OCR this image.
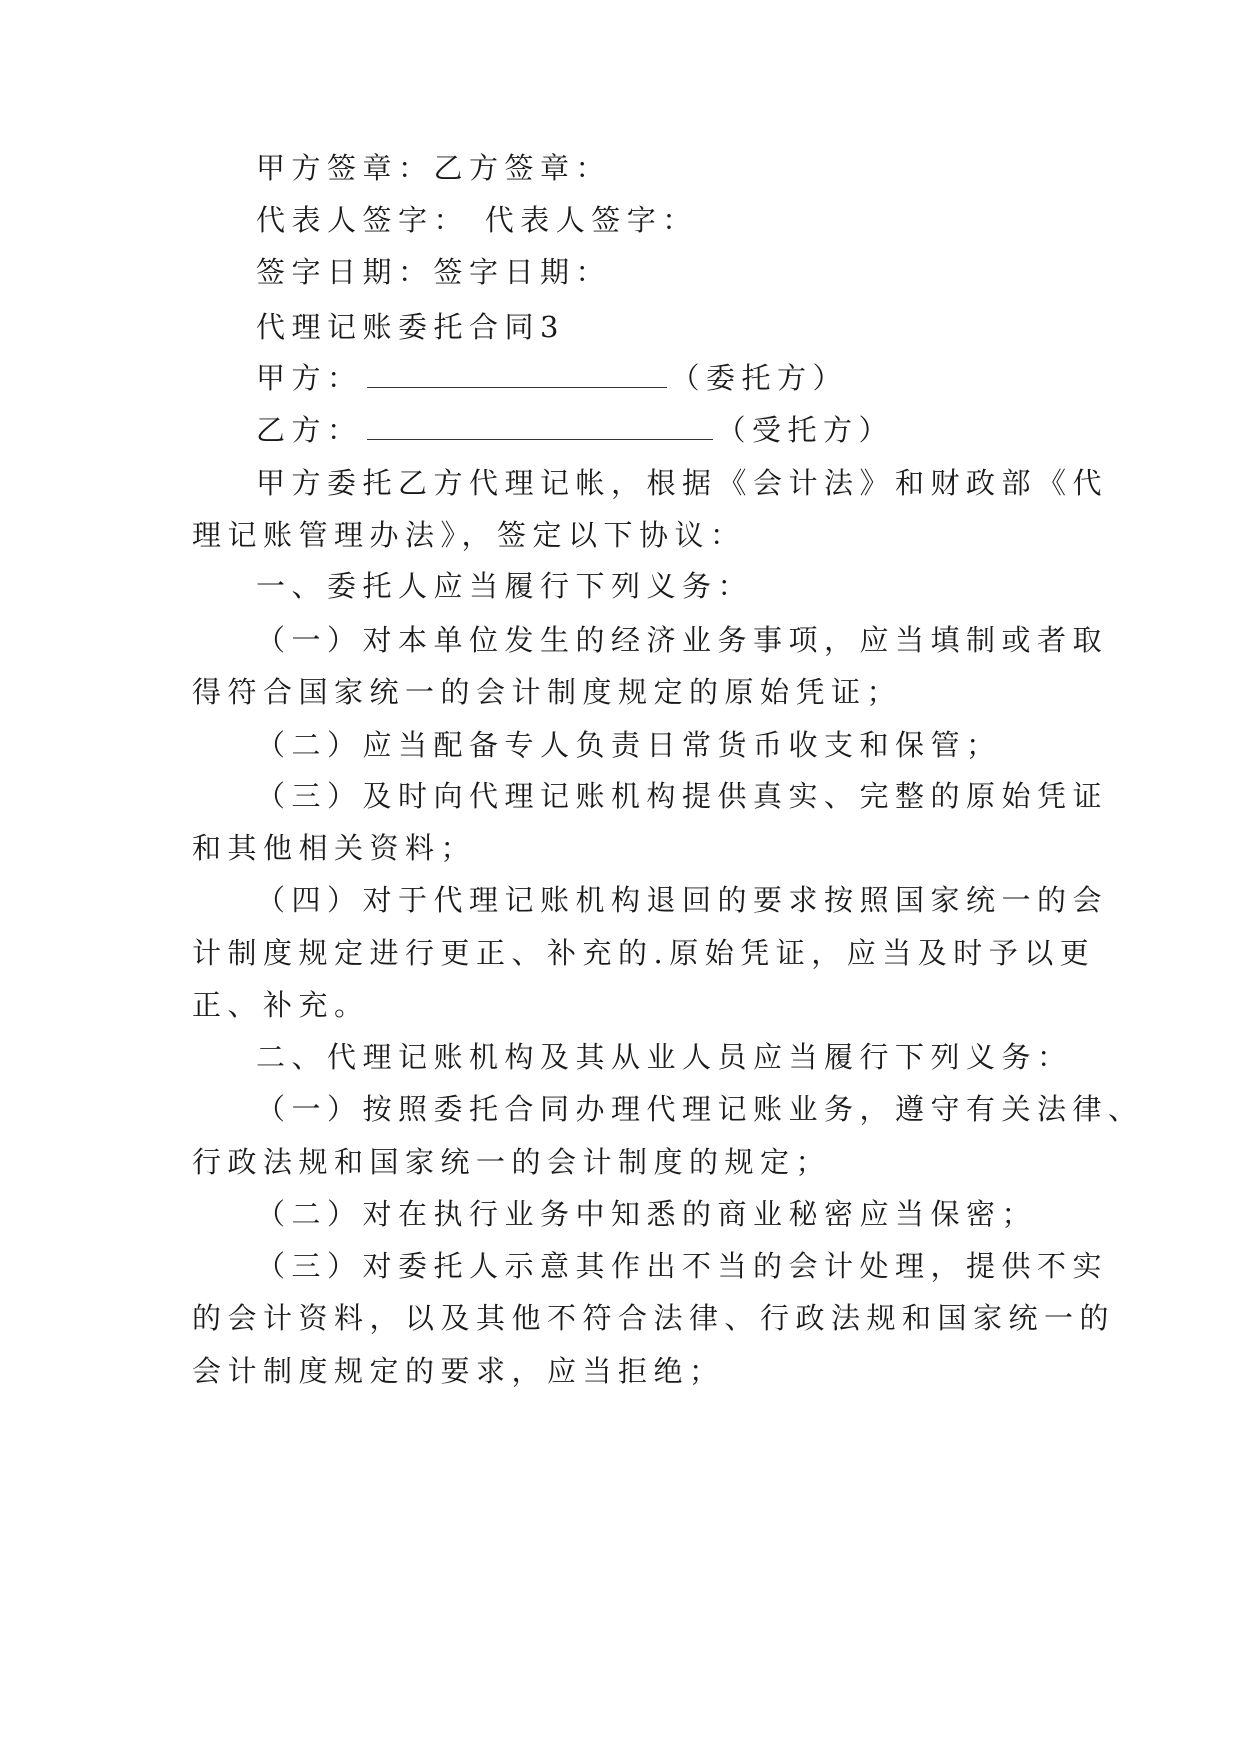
甲方签章：乙方签章：
代表人签字： 代表人签字：
签字日期：签字日期：
代理记账委托合同3
甲方：	（委托方）
乙方：	（受托方）
甲方委托乙方代理记帐，根据《会计法》和财政部《代
理记账管理办法》，签定以下协议：
一、委托人应当履行下列义务：
（一）对本单位发生的经济业务事项，应当填制或者取
得符合国家统一的会计制度规定的原始凭证；
（二）应当配备专人负责日常货币收支和保管；
（三）及时向代理记账机构提供真实、完整的原始凭证
和其他相关资料；
（四）对于代理记账机构退回的要求按照国家统一的会
计制度规定进行更正、补充的.原始凭证，应当及时予以更
正、补充。
二、代理记账机构及其从业人员应当履行下列义务：
（一）按照委托合同办理代理记账业务，遵守有关法律、
行政法规和国家统一的会计制度的规定；
（二）对在执行业务中知悉的商业秘密应当保密；
（三）对委托人示意其作出不当的会计处理，提供不实
的会计资料，以及其他不符合法律、行政法规和国家统一的
会计制度规定的要求，应当拒绝；
